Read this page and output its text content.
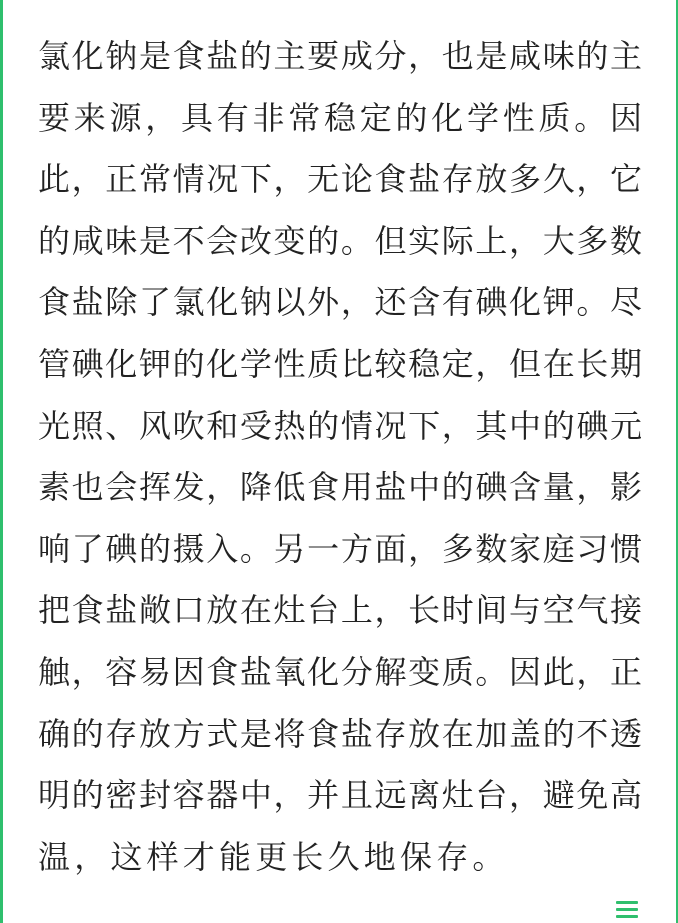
氯化钠是食盐的主要成分，也是咸味的主
要来源，具有非常稳定的化学性质。因
此，正常情况下，无论食盐存放多久，它
的咸味是不会改变的。但实际上，大多数
食盐除了氯化钠以外，还含有碘化钾。尽
管碘化钾的化学性质比较稳定，但在长期
光照、风吹和受热的情况下，其中的碘元
素也会挥发，降低食用盐中的碘含量，影
响了碘的摄入。另一方面，多数家庭习惯
把食盐敞口放在灶台上，长时间与空气接
触，容易因食盐氧化分解变质。因此，正
确的存放方式是将食盐存放在加盖的不透
明的密封容器中，并且远离灶台，避免高
温，这样才能更长久地保存。
